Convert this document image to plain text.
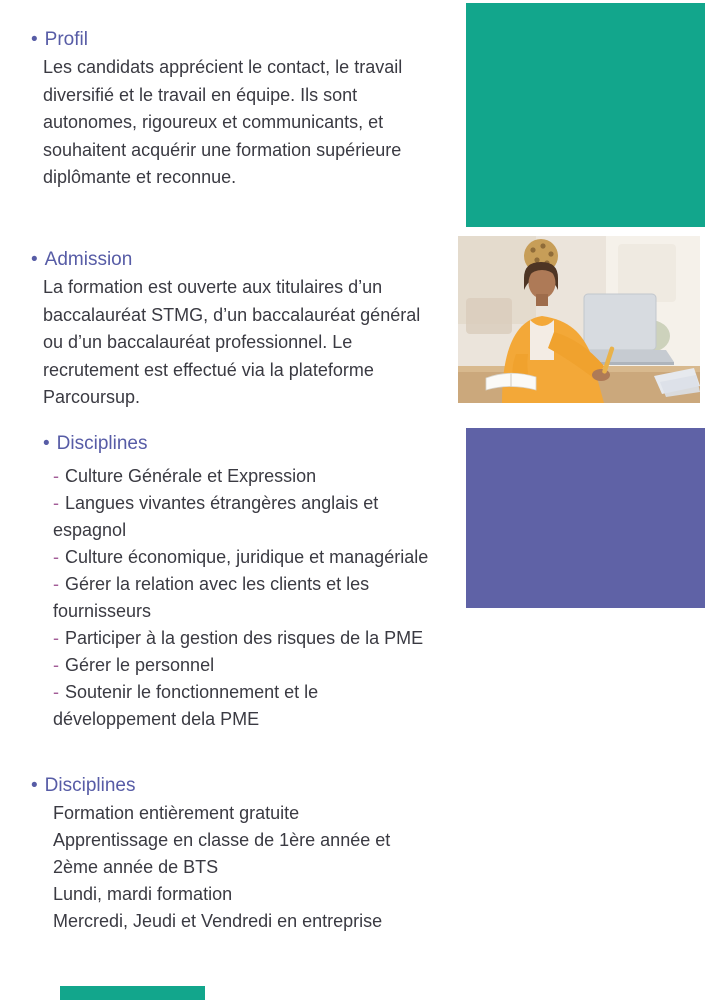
• Profil

Les candidats apprécient le contact, le travail diversifié et le travail en équipe. Ils sont autonomes, rigoureux et communicants, et souhaitent acquérir une formation supérieure diplômante et reconnue.

• Admission

La formation est ouverte aux titulaires d’un baccalauréat STMG, d’un baccalauréat général ou d’un baccalauréat professionnel. Le recrutement est effectué via la plateforme Parcoursup.

• Disciplines
- Culture Générale et Expression
- Langues vivantes étrangères anglais et espagnol
- Culture économique, juridique et managériale
- Gérer la relation avec les clients et les fournisseurs
- Participer à la gestion des risques de la PME
- Gérer le personnel
- Soutenir le fonctionnement et le développement dela PME
• Disciplines
Formation entièrement gratuite
Apprentissage en classe de 1ère année et 2ème année de BTS
Lundi, mardi formation
Mercredi, Jeudi et Vendredi en entreprise
